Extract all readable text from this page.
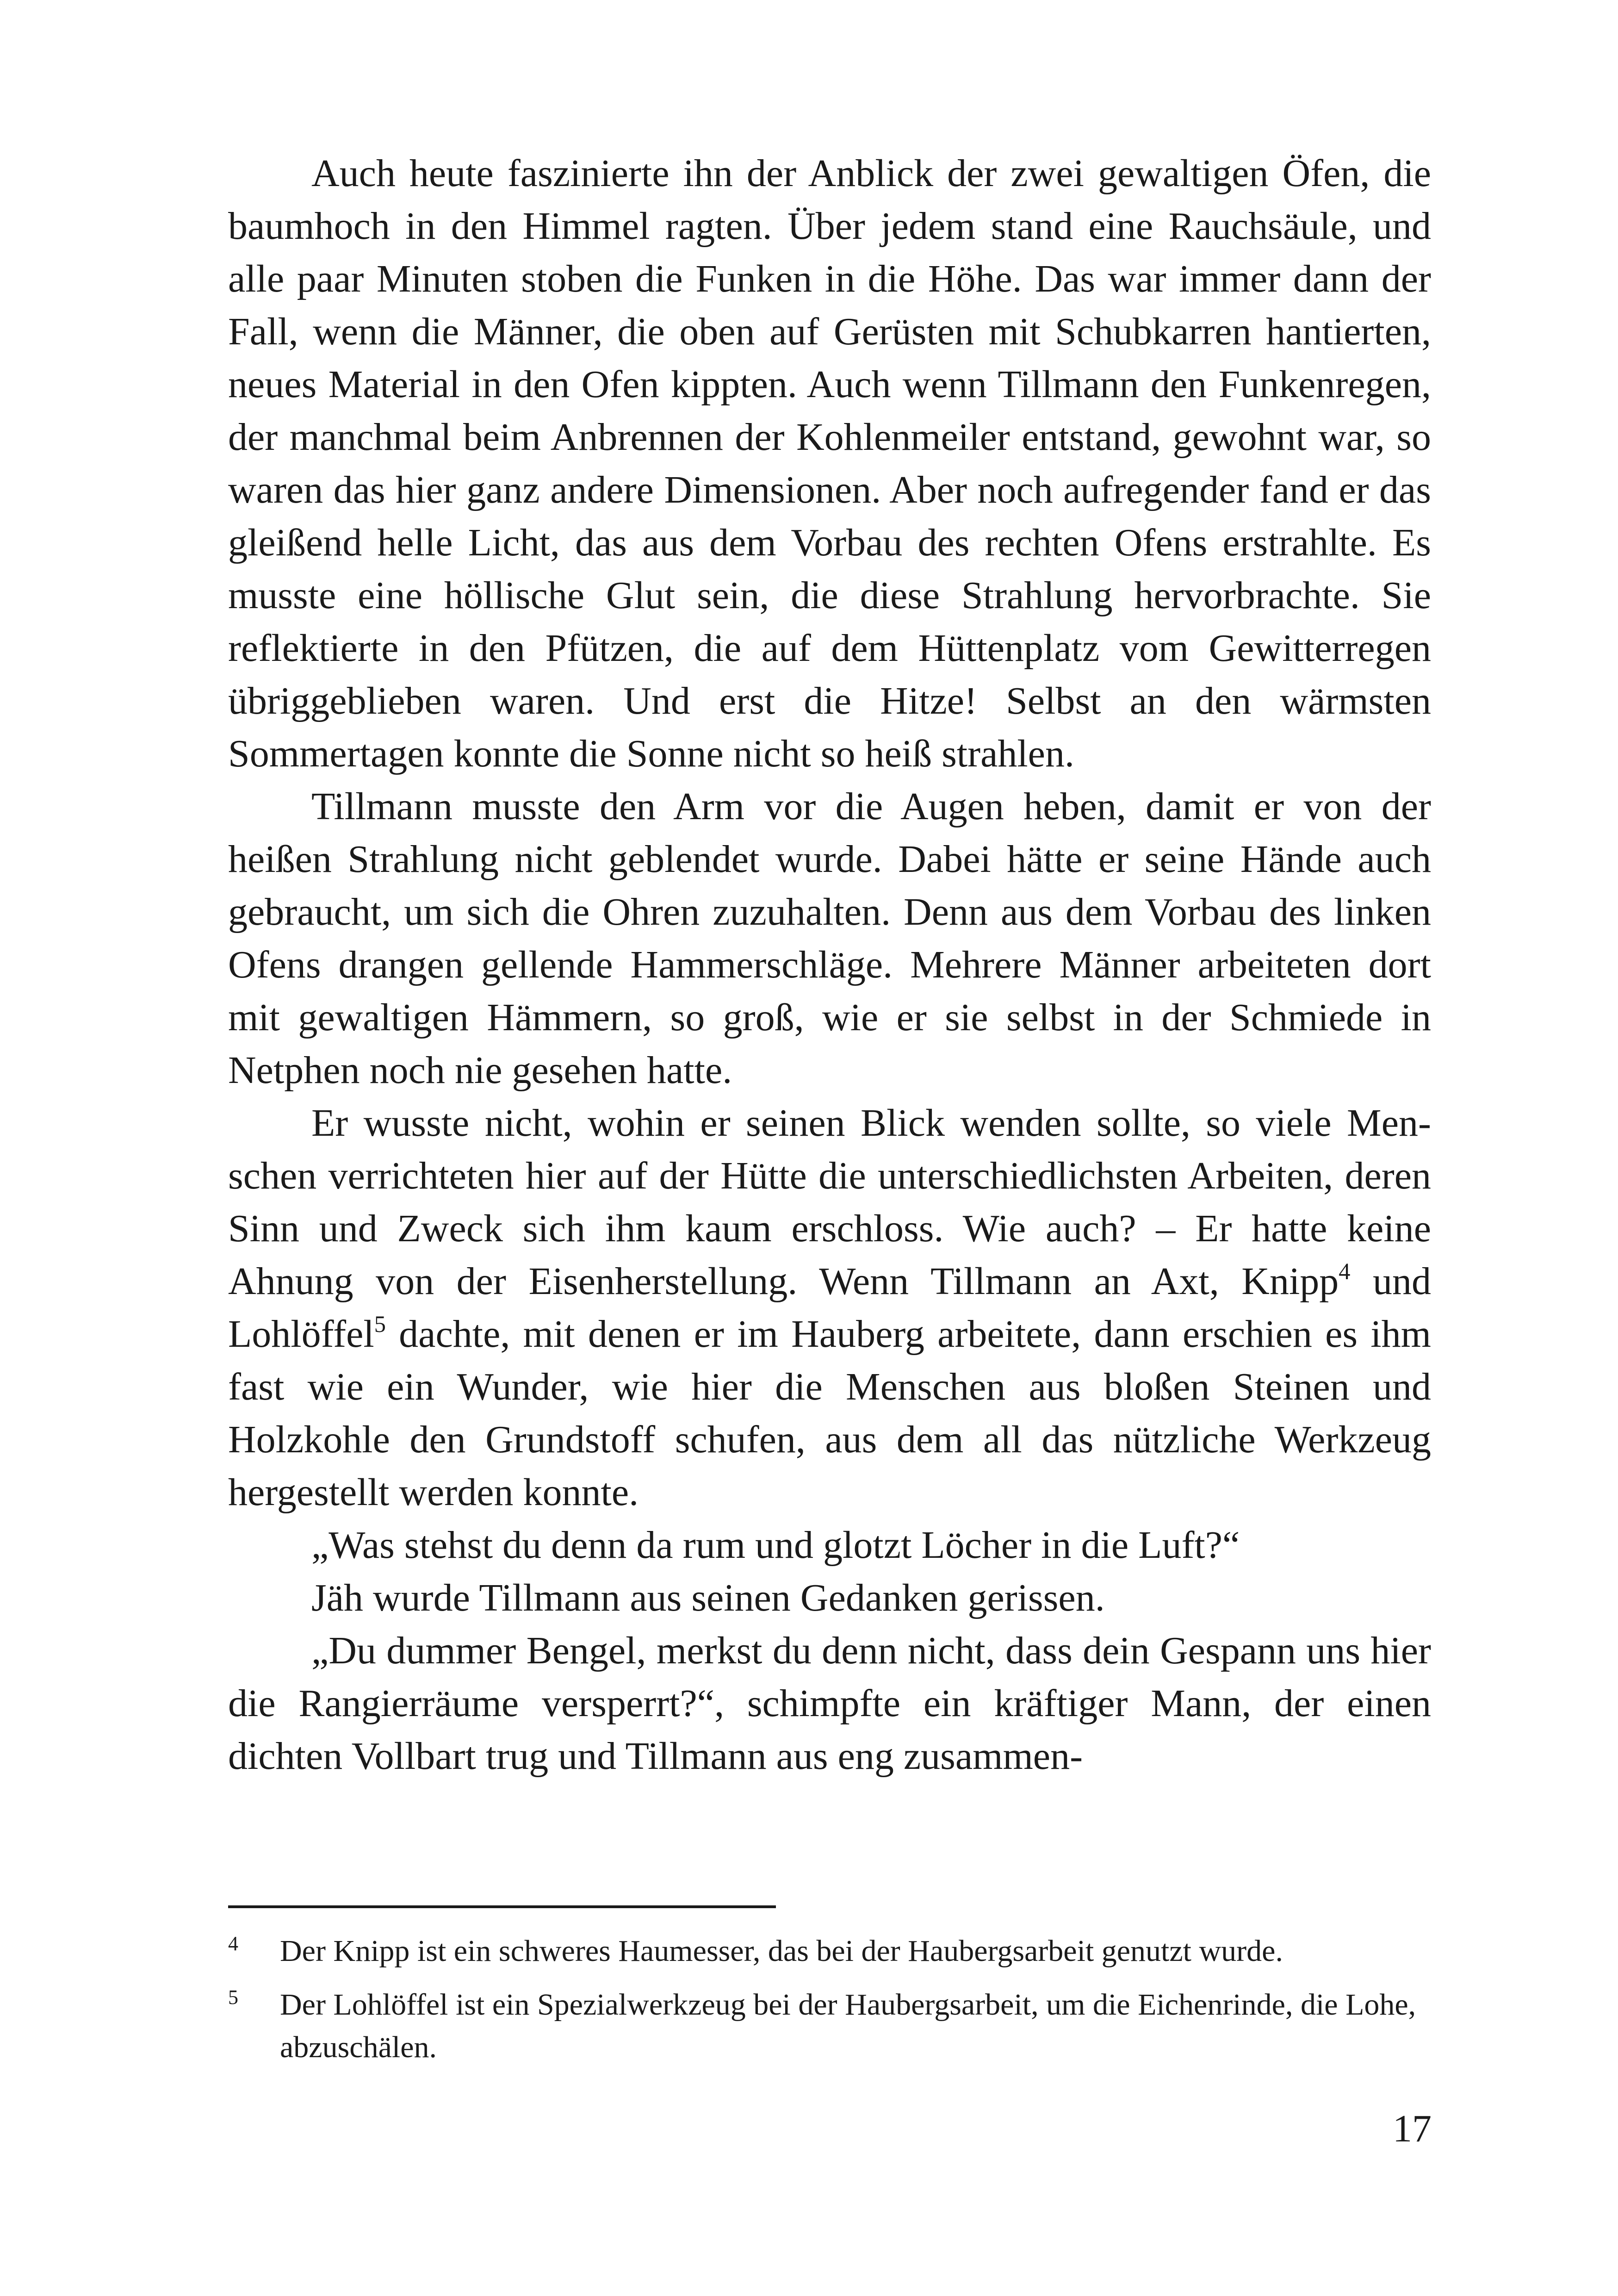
Auch heute faszinierte ihn der Anblick der zwei gewaltigen Öfen, die baumhoch in den Himmel ragten. Über jedem stand eine Rauchsäule, und alle paar Minuten stoben die Funken in die Höhe. Das war immer dann der Fall, wenn die Männer, die oben auf Gerüsten mit Schubkarren hantierten, neues Material in den Ofen kippten. Auch wenn Tillmann den Funkenregen, der manchmal beim Anbrennen der Kohlenmeiler entstand, gewohnt war, so waren das hier ganz andere Dimensionen. Aber noch aufregender fand er das gleißend helle Licht, das aus dem Vorbau des rechten Ofens erstrahlte. Es musste eine höllische Glut sein, die diese Strahlung hervorbrachte. Sie reflektierte in den Pfützen, die auf dem Hüttenplatz vom Gewitterregen übriggeblieben waren. Und erst die Hitze! Selbst an den wärmsten Sommertagen konnte die Sonne nicht so heiß strahlen.

Tillmann musste den Arm vor die Augen heben, damit er von der heißen Strahlung nicht geblendet wurde. Dabei hätte er seine Hände auch gebraucht, um sich die Ohren zuzuhalten. Denn aus dem Vorbau des linken Ofens drangen gellende Hammerschläge. Mehrere Männer arbeiteten dort mit gewaltigen Hämmern, so groß, wie er sie selbst in der Schmiede in Netphen noch nie gesehen hatte.

Er wusste nicht, wohin er seinen Blick wenden sollte, so viele Menschen verrichteten hier auf der Hütte die unterschiedlichsten Arbeiten, deren Sinn und Zweck sich ihm kaum erschloss. Wie auch? – Er hatte keine Ahnung von der Eisenherstellung. Wenn Tillmann an Axt, Knipp$^4$ und Lohlöffel$^5$ dachte, mit denen er im Hauberg arbeitete, dann erschien es ihm fast wie ein Wunder, wie hier die Menschen aus bloßen Steinen und Holzkohle den Grundstoff schufen, aus dem all das nützliche Werkzeug hergestellt werden konnte.

„Was stehst du denn da rum und glotzt Löcher in die Luft?“

Jäh wurde Tillmann aus seinen Gedanken gerissen.

„Du dummer Bengel, merkst du denn nicht, dass dein Gespann uns hier die Rangierräume versperrt?“, schimpfte ein kräftiger Mann, der einen dichten Vollbart trug und Tillmann aus eng zusammen-

4	Der Knipp ist ein schweres Haumesser, das bei der Haubergsarbeit genutzt wurde.
5	Der Lohlöffel ist ein Spezialwerkzeug bei der Haubergsarbeit, um die Eichenrinde, die Lohe, abzuschälen.
17
